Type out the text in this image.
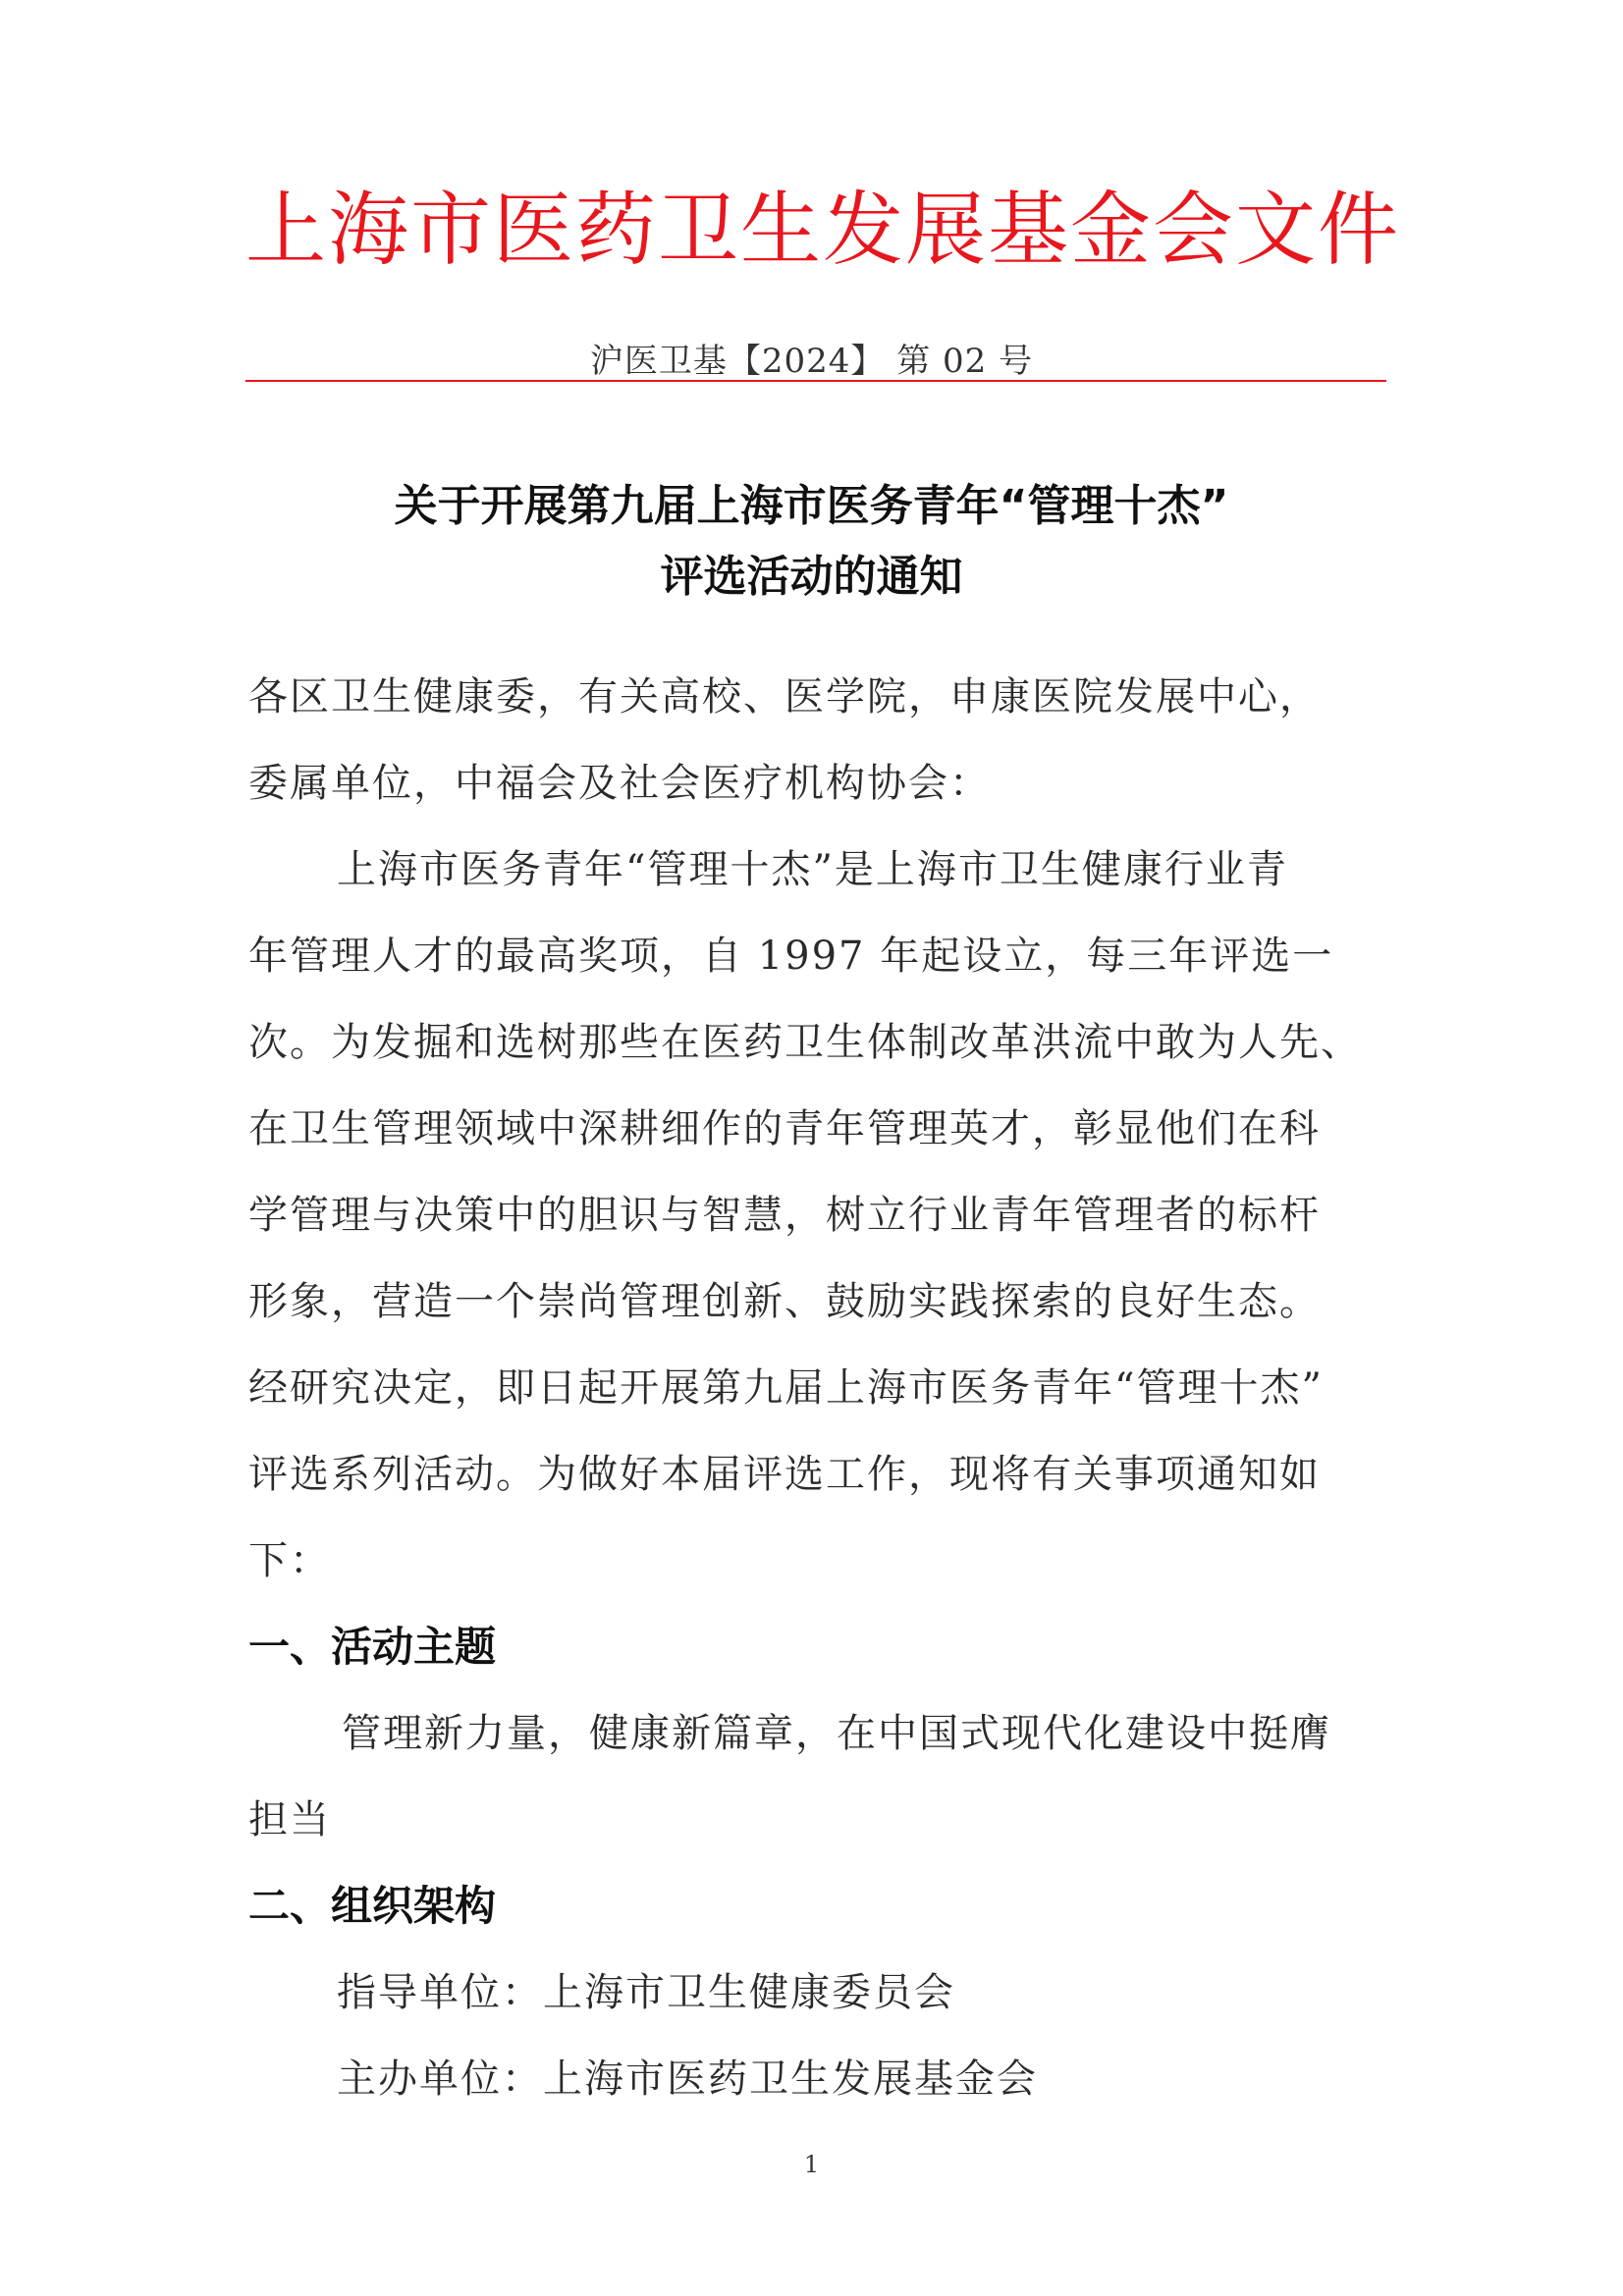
上海市医药卫生发展基金会文件
沪医卫基【2024】 第 02 号
关于开展第九届上海市医务青年“管理十杰”
评选活动的通知
各区卫生健康委，有关高校、医学院，申康医院发展中心，
委属单位，中福会及社会医疗机构协会：
上海市医务青年“管理十杰”是上海市卫生健康行业青
年管理人才的最高奖项，自 1997 年起设立，每三年评选一
次。为发掘和选树那些在医药卫生体制改革洪流中敢为人先、
在卫生管理领域中深耕细作的青年管理英才，彰显他们在科
学管理与决策中的胆识与智慧，树立行业青年管理者的标杆
形象，营造一个崇尚管理创新、鼓励实践探索的良好生态。
经研究决定，即日起开展第九届上海市医务青年“管理十杰”
评选系列活动。为做好本届评选工作，现将有关事项通知如
下：
一、活动主题
管理新力量，健康新篇章，在中国式现代化建设中挺膺
担当
二、组织架构
指导单位：上海市卫生健康委员会
主办单位：上海市医药卫生发展基金会
1
